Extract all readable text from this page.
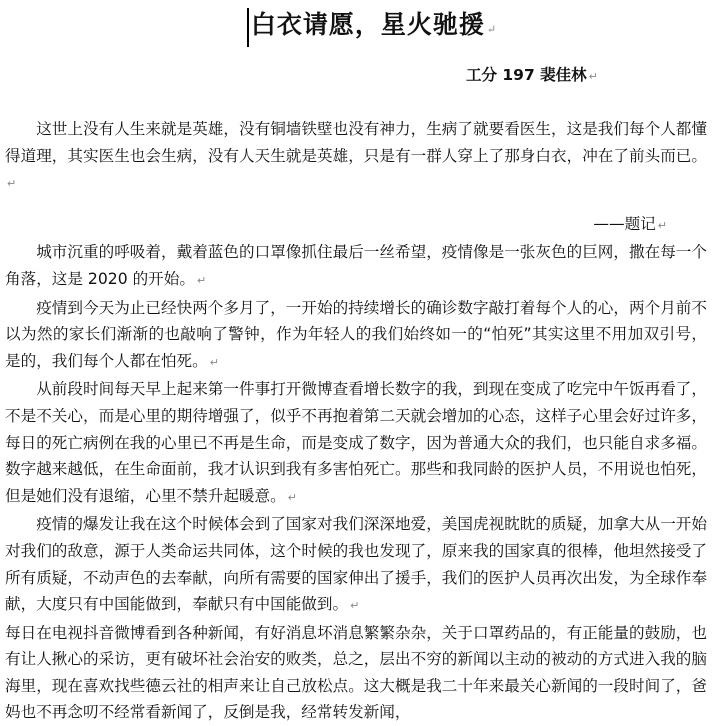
白衣请愿，星火驰援 ↵
工分 197 裴佳林 ↵

这世上没有人生来就是英雄，没有铜墙铁壁也没有神力，生病了就要看医生，这是我们每个人都懂得道理，其实医生也会生病，没有人天生就是英雄，只是有一群人穿上了那身白衣，冲在了前头而已。↵

——题记 ↵

城市沉重的呼吸着，戴着蓝色的口罩像抓住最后一丝希望，疫情像是一张灰色的巨网，撒在每一个角落，这是 2020 的开始。 ↵

疫情到今天为止已经快两个多月了，一开始的持续增长的确诊数字敲打着每个人的心，两个月前不以为然的家长们渐渐的也敲响了警钟，作为年轻人的我们始终如一的“怕死”其实这里不用加双引号，是的，我们每个人都在怕死。 ↵

从前段时间每天早上起来第一件事打开微博查看增长数字的我，到现在变成了吃完中午饭再看了，不是不关心，而是心里的期待增强了，似乎不再抱着第二天就会增加的心态，这样子心里会好过许多，每日的死亡病例在我的心里已不再是生命，而是变成了数字，因为普通大众的我们，也只能自求多福。数字越来越低，在生命面前，我才认识到我有多害怕死亡。那些和我同龄的医护人员，不用说也怕死，但是她们没有退缩，心里不禁升起暖意。 ↵

疫情的爆发让我在这个时候体会到了国家对我们深深地爱，美国虎视眈眈的质疑，加拿大从一开始对我们的敌意，源于人类命运共同体，这个时候的我也发现了，原来我的国家真的很棒，他坦然接受了所有质疑，不动声色的去奉献，向所有需要的国家伸出了援手，我们的医护人员再次出发，为全球作奉献，大度只有中国能做到，奉献只有中国能做到。 ↵

每日在电视抖音微博看到各种新闻，有好消息坏消息繁繁杂杂，关于口罩药品的，有正能量的鼓励，也有让人揪心的采访，更有破坏社会治安的败类，总之，层出不穷的新闻以主动的被动的方式进入我的脑海里，现在喜欢找些德云社的相声来让自己放松点。这大概是我二十年来最关心新闻的一段时间了，爸妈也不再念叨不经常看新闻了，反倒是我，经常转发新闻，
